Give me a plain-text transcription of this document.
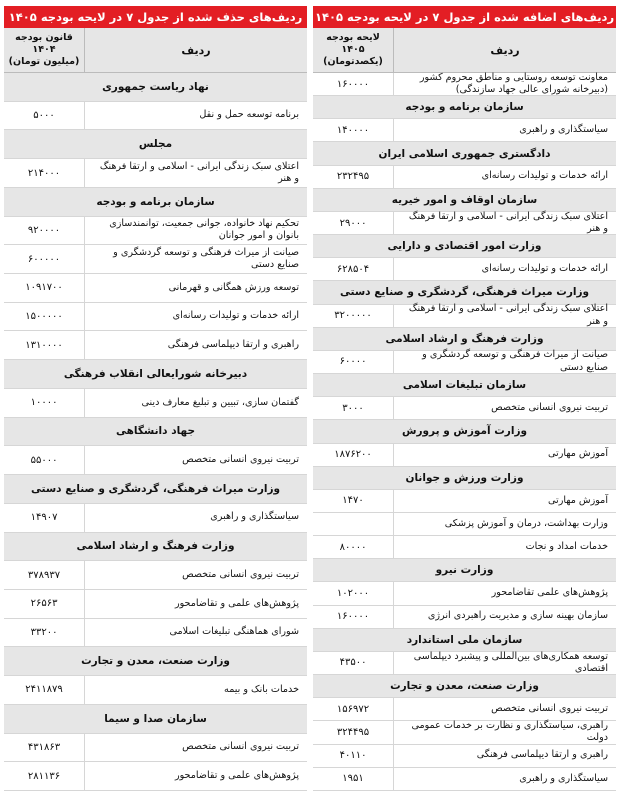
ردیف‌های اضافه شده از جدول ۷ در لایحه بودجه ۱۴۰۵
ردیف
لایحه بودجه
۱۴۰۵
(یکصدتومان)
معاونت توسعه روستایی و مناطق محروم کشور (دبیرخانه شورای عالی جهاد سازندگی)
۱۶۰۰۰۰
سازمان برنامه و بودجه
سیاستگذاری و راهبری
۱۴۰۰۰۰
دادگستری جمهوری اسلامی ایران
ارائه خدمات و تولیدات رسانه‌ای
۲۳۲۴۹۵
سازمان اوقاف و امور خیریه
اعتلای سبک زندگی ایرانی - اسلامی و ارتقا فرهنگ و هنر
۲۹۰۰۰
وزارت امور اقتصادی و دارایی
ارائه خدمات و تولیدات رسانه‌ای
۶۲۸۵۰۴
وزارت میراث فرهنگی، گردشگری و صنایع دستی
اعتلای سبک زندگی ایرانی - اسلامی و ارتقا فرهنگ و هنر
۳۲۰۰۰۰۰
وزارت فرهنگ و ارشاد اسلامی
صیانت از میراث فرهنگی و توسعه گردشگری و صنایع دستی
۶۰۰۰۰
سازمان تبلیغات اسلامی
تربیت نیروی انسانی متخصص
۳۰۰۰
وزارت آموزش و پرورش
آموزش مهارتی
۱۸۷۶۲۰۰
وزارت ورزش و جوانان
آموزش مهارتی
۱۴۷۰
وزارت بهداشت، درمان و آموزش پزشکی
خدمات امداد و نجات
۸۰۰۰۰
وزارت نیرو
پژوهش‌های علمی تقاضامحور
۱۰۲۰۰۰
سازمان بهینه سازی و مدیریت راهبردی انرژی
۱۶۰۰۰۰
سازمان ملی استاندارد
توسعه همکاری‌های بین‌المللی و پیشبرد دیپلماسی اقتصادی
۴۳۵۰۰
وزارت صنعت، معدن و تجارت
تربیت نیروی انسانی متخصص
۱۵۶۹۷۲
راهبری، سیاستگذاری و نظارت بر خدمات عمومی دولت
۳۲۴۴۹۵
راهبری و ارتقا دیپلماسی فرهنگی
۴۰۱۱۰
سیاستگذاری و راهبری
۱۹۵۱
ردیف‌های حذف شده از جدول ۷ در لایحه بودجه ۱۴۰۵
ردیف
قانون بودجه
۱۴۰۴
(میلیون تومان)
نهاد ریاست جمهوری
برنامه توسعه حمل و نقل
۵۰۰۰
مجلس
اعتلای سبک زندگی ایرانی - اسلامی و ارتقا فرهنگ و هنر
۲۱۴۰۰۰
سازمان برنامه و بودجه
تحکیم نهاد خانواده، جوانی جمعیت، توانمندسازی بانوان و امور جوانان
۹۲۰۰۰۰
صیانت از میراث فرهنگی و توسعه گردشگری و صنایع دستی
۶۰۰۰۰۰
توسعه ورزش همگانی و قهرمانی
۱۰۹۱۷۰۰
ارائه خدمات و تولیدات رسانه‌ای
۱۵۰۰۰۰۰
راهبری و ارتقا دیپلماسی فرهنگی
۱۳۱۰۰۰۰
دبیرخانه شورایعالی انقلاب فرهنگی
گفتمان سازی، تبیین و تبلیغ معارف دینی
۱۰۰۰۰
جهاد دانشگاهی
تربیت نیروی انسانی متخصص
۵۵۰۰۰
وزارت میراث فرهنگی، گردشگری و صنایع دستی
سیاستگذاری و راهبری
۱۴۹۰۷
وزارت فرهنگ و ارشاد اسلامی
تربیت نیروی انسانی متخصص
۳۷۸۹۳۷
پژوهش‌های علمی و تقاضامحور
۲۶۵۶۳
شورای هماهنگی تبلیغات اسلامی
۳۳۲۰۰
وزارت صنعت، معدن و تجارت
خدمات بانک و بیمه
۲۴۱۱۸۷۹
سازمان صدا و سیما
تربیت نیروی انسانی متخصص
۴۳۱۸۶۳
پژوهش‌های علمی و تقاضامحور
۲۸۱۱۳۶
